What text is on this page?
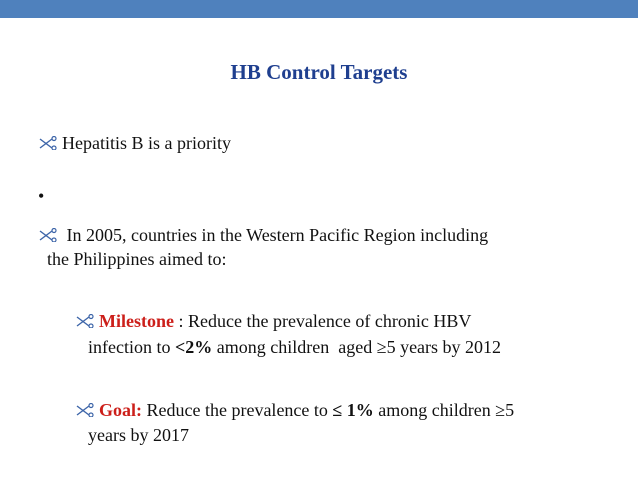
HB Control Targets
Hepatitis B is a priority
•
In 2005, countries in the Western Pacific Region including
the Philippines aimed to:
Milestone : Reduce the prevalence of chronic HBV
infection to <2% among children  aged ≥5 years by 2012
Goal: Reduce the prevalence to ≤ 1% among children ≥5
years by 2017
